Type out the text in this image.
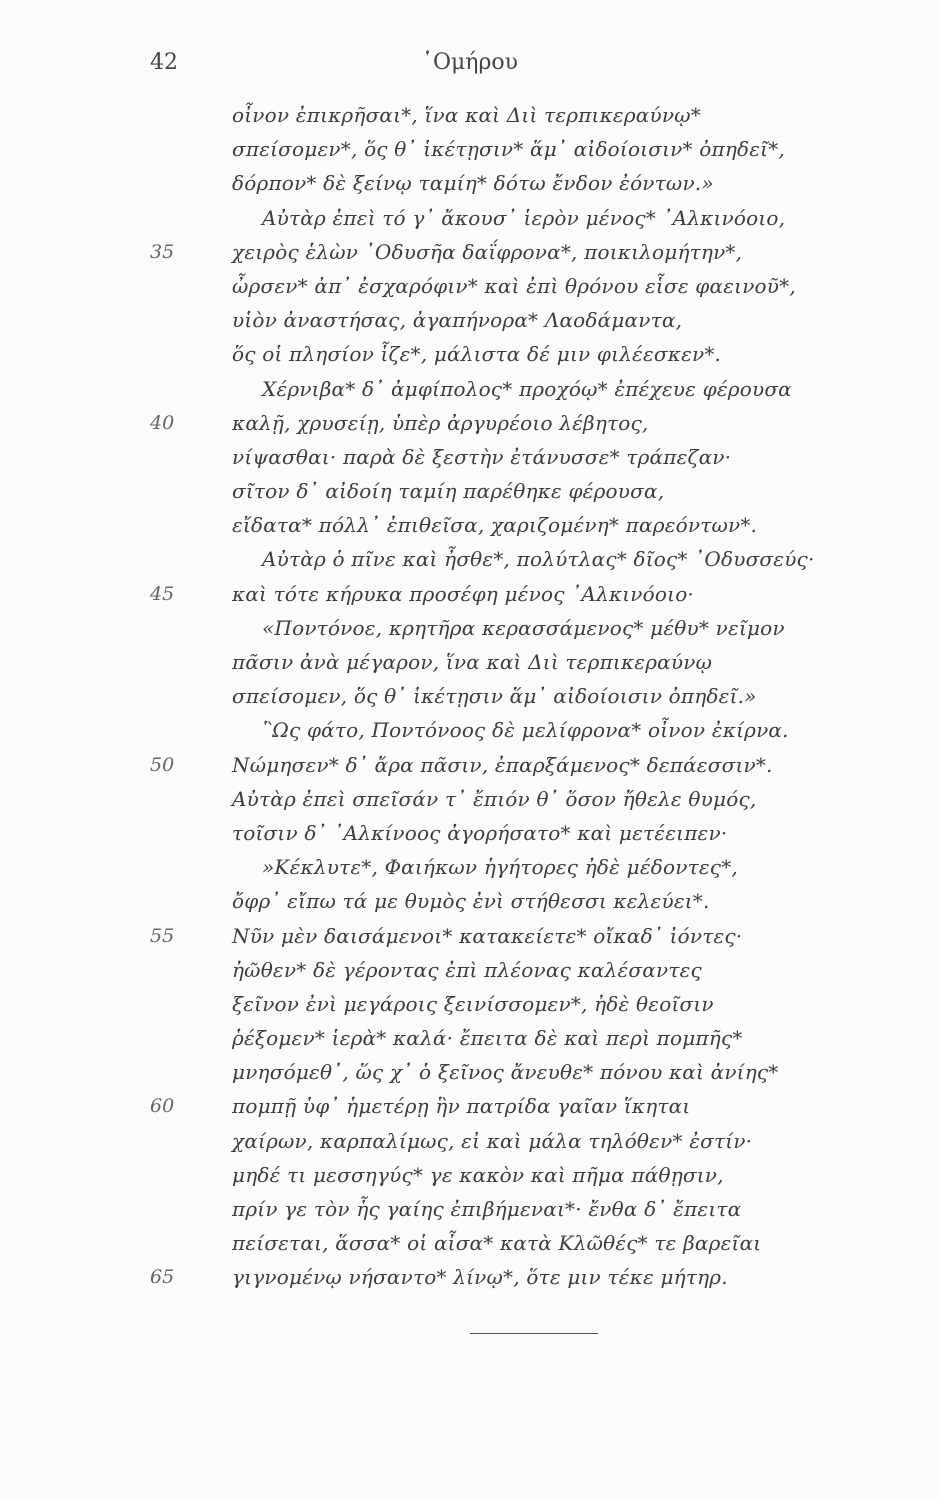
42	῾Ομήρου
οἶνον ἐπικρῆσαι*, ἵνα καὶ Διὶ τερπικεραύνῳ*
σπείσομεν*, ὅς θ᾽ ἱκέτῃσιν* ἅμ᾽ αἰδοίοισιν* ὀπηδεῖ*,
δόρπον* δὲ ξείνῳ ταμίη* δότω ἔνδον ἐόντων.»
Αὐτὰρ ἐπεὶ τό γ᾽ ἄκουσ᾽ ἱερὸν μένος* ᾽Αλκινόοιο,
35	χειρὸς ἑλὼν ᾽Οδυσῆα δαΐφρονα*, ποικιλομήτην*,
ὦρσεν* ἀπ᾽ ἐσχαρόφιν* καὶ ἐπὶ θρόνου εἷσε φαεινοῦ*,
υἱὸν ἀναστήσας, ἀγαπήνορα* Λαοδάμαντα,
ὅς οἱ πλησίον ἷζε*, μάλιστα δέ μιν φιλέεσκεν*.
Χέρνιβα* δ᾽ ἀμφίπολος* προχόῳ* ἐπέχευε φέρουσα
40	καλῇ, χρυσείῃ, ὑπὲρ ἀργυρέοιο λέβητος,
νίψασθαι· παρὰ δὲ ξεστὴν ἐτάνυσσε* τράπεζαν·
σῖτον δ᾽ αἰδοίη ταμίη παρέθηκε φέρουσα,
εἴδατα* πόλλ᾽ ἐπιθεῖσα, χαριζομένη* παρεόντων*.
Αὐτὰρ ὁ πῖνε καὶ ἦσθε*, πολύτλας* δῖος* ᾽Οδυσσεύς·
45	καὶ τότε κήρυκα προσέφη μένος ᾽Αλκινόοιο·
«Ποντόνοε, κρητῆρα κερασσάμενος* μέθυ* νεῖμον
πᾶσιν ἀνὰ μέγαρον, ἵνα καὶ Διὶ τερπικεραύνῳ
σπείσομεν, ὅς θ᾽ ἱκέτῃσιν ἅμ᾽ αἰδοίοισιν ὀπηδεῖ.»
῝Ως φάτο, Ποντόνοος δὲ μελίφρονα* οἶνον ἐκίρνα.
50	Νώμησεν* δ᾽ ἄρα πᾶσιν, ἐπαρξάμενος* δεπάεσσιν*.
Αὐτὰρ ἐπεὶ σπεῖσάν τ᾽ ἔπιόν θ᾽ ὅσον ἤθελε θυμός,
τοῖσιν δ᾽ ᾽Αλκίνοος ἀγορήσατο* καὶ μετέειπεν·
»Κέκλυτε*, Φαιήκων ἡγήτορες ἠδὲ μέδοντες*,
ὄφρ᾽ εἴπω τά με θυμὸς ἐνὶ στήθεσσι κελεύει*.
55	Νῦν μὲν δαισάμενοι* κατακείετε* οἴκαδ᾽ ἰόντες·
ἠῶθεν* δὲ γέροντας ἐπὶ πλέονας καλέσαντες
ξεῖνον ἐνὶ μεγάροις ξεινίσσομεν*, ἠδὲ θεοῖσιν
ῥέξομεν* ἱερὰ* καλά· ἔπειτα δὲ καὶ περὶ πομπῆς*
μνησόμεθ᾽, ὥς χ᾽ ὁ ξεῖνος ἄνευθε* πόνου καὶ ἀνίης*
60	πομπῇ ὑφ᾽ ἡμετέρῃ ἣν πατρίδα γαῖαν ἵκηται
χαίρων, καρπαλίμως, εἰ καὶ μάλα τηλόθεν* ἐστίν·
μηδέ τι μεσσηγύς* γε κακὸν καὶ πῆμα πάθῃσιν,
πρίν γε τὸν ἧς γαίης ἐπιβήμεναι*· ἔνθα δ᾽ ἔπειτα
πείσεται, ἅσσα* οἱ αἶσα* κατὰ Κλῶθές* τε βαρεῖαι
65	γιγνομένῳ νήσαντο* λίνῳ*, ὅτε μιν τέκε μήτηρ.
